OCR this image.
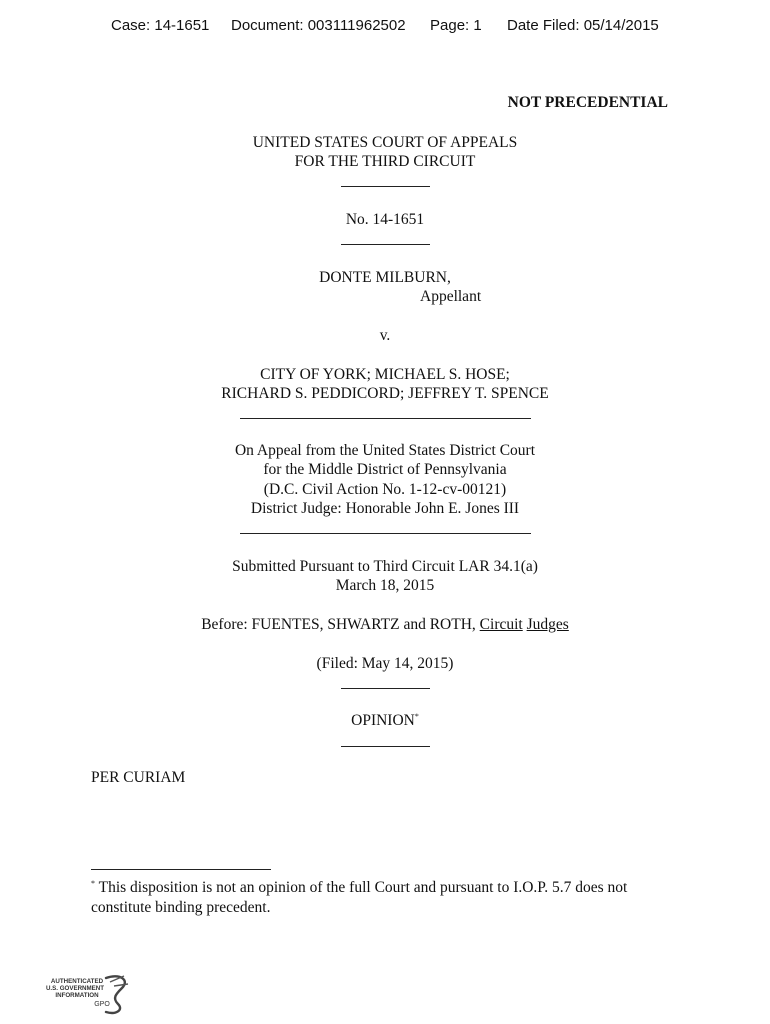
Case: 14-1651 Document: 003111962502 Page: 1 Date Filed: 05/14/2015
NOT PRECEDENTIAL
UNITED STATES COURT OF APPEALS
FOR THE THIRD CIRCUIT
No. 14-1651
DONTE MILBURN,
Appellant
v.
CITY OF YORK; MICHAEL S. HOSE;
RICHARD S. PEDDICORD; JEFFREY T. SPENCE
On Appeal from the United States District Court
for the Middle District of Pennsylvania
(D.C. Civil Action No. 1-12-cv-00121)
District Judge: Honorable John E. Jones III
Submitted Pursuant to Third Circuit LAR 34.1(a)
March 18, 2015
Before: FUENTES, SHWARTZ and ROTH, Circuit Judges
(Filed: May 14, 2015)
OPINION*
PER CURIAM
* This disposition is not an opinion of the full Court and pursuant to I.O.P. 5.7 does not constitute binding precedent.
AUTHENTICATED
U.S. GOVERNMENT
INFORMATION
GPO
